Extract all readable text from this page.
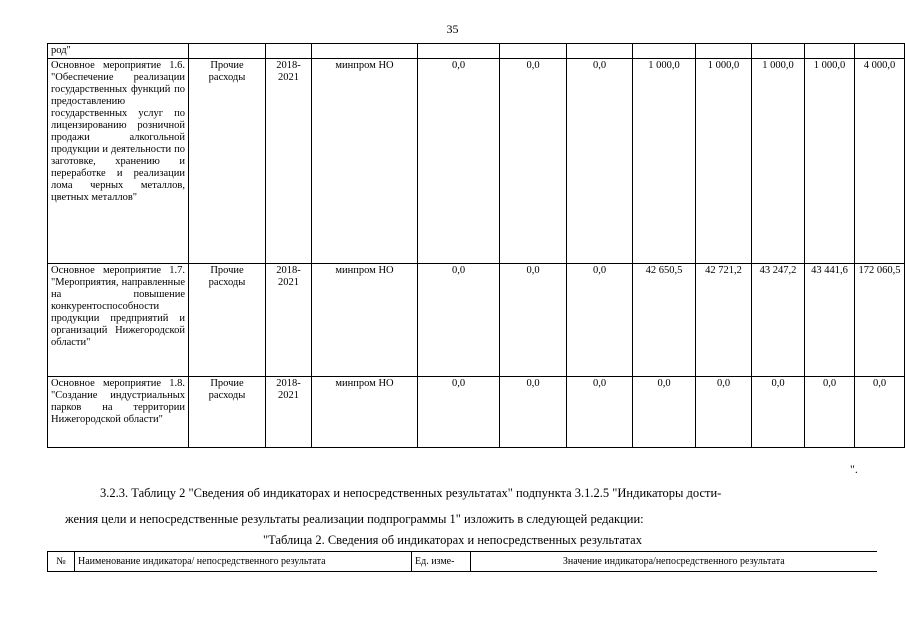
35
род"											
Основное мероприятие 1.6. "Обеспечение реализации государственных функций по предоставлению государственных услуг по лицензированию розничной продажи алкогольной продукции и деятельности по заготовке, хранению и переработке и реализации лома черных металлов, цветных металлов"	Прочие расходы	2018-2021	минпром НО	0,0	0,0	0,0	1 000,0	1 000,0	1 000,0	1 000,0	4 000,0
Основное мероприятие 1.7. "Мероприятия, направленные на повышение конкурентоспособности продукции предприятий и организаций Нижегородской области"	Прочие расходы	2018-2021	минпром НО	0,0	0,0	0,0	42 650,5	42 721,2	43 247,2	43 441,6	172 060,5
Основное мероприятие 1.8. "Создание индустриальных парков на территории Нижегородской области"	Прочие расходы	2018-2021	минпром НО	0,0	0,0	0,0	0,0	0,0	0,0	0,0	0,0
".
3.2.3. Таблицу 2 "Сведения об индикаторах и непосредственных результатах" подпункта 3.1.2.5 "Индикаторы дости-
жения цели и непосредственные результаты реализации подпрограммы 1" изложить в следующей редакции:
"Таблица 2. Сведения об индикаторах и непосредственных результатах
№	Наименование индикатора/ непосредственного результата	Ед. изме-	Значение индикатора/непосредственного результата
